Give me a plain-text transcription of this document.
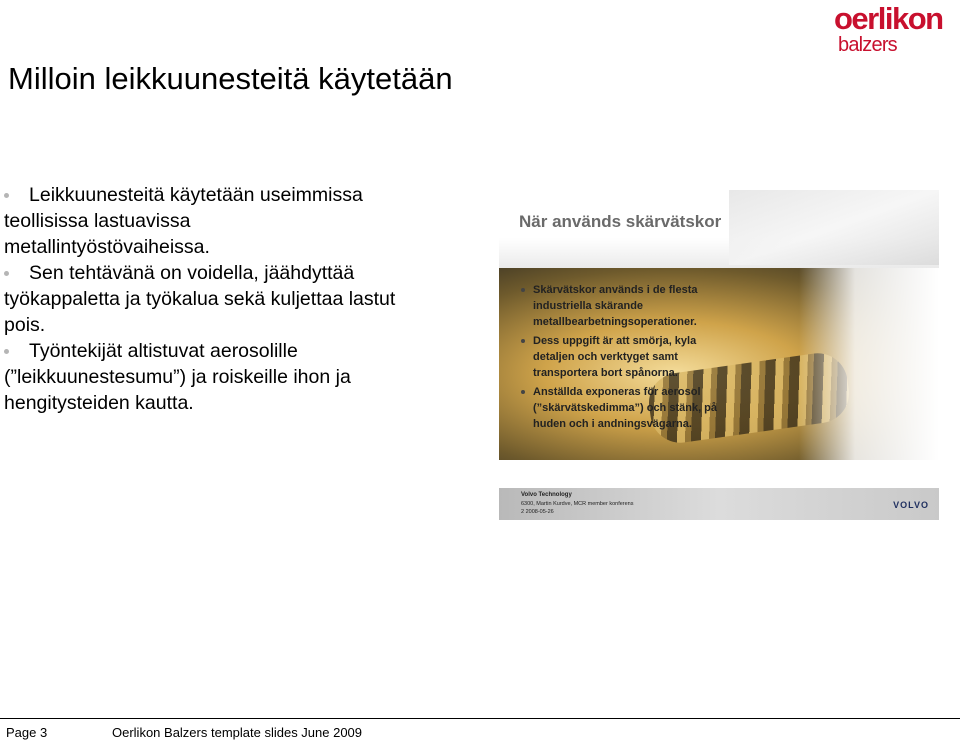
oerlikon
balzers
Milloin leikkuunesteitä käytetään
Leikkuunesteitä käytetään useimmissa
teollisissa lastuavissa
metallintyöstövaiheissa.
Sen tehtävänä on voidella, jäähdyttää
työkappaletta ja työkalua sekä kuljettaa lastut
pois.
Työntekijät altistuvat aerosolille
(”leikkuunestesumu”) ja roiskeille ihon ja
hengitysteiden kautta.
När används skärvätskor
Skärvätskor används i de flesta
industriella skärande
metallbearbetningsoperationer.
Dess uppgift är att smörja, kyla
detaljen och verktyget samt
transportera bort spånorna.
Anställda exponeras för aerosol
(”skärvätskedimma”) och stänk, på
huden och i andningsvägarna.
Volvo Technology
6300, Martin Kurdve, MCR member konferens
2 2008-05-26
VOLVO
Page 3	Oerlikon Balzers template slides June 2009
